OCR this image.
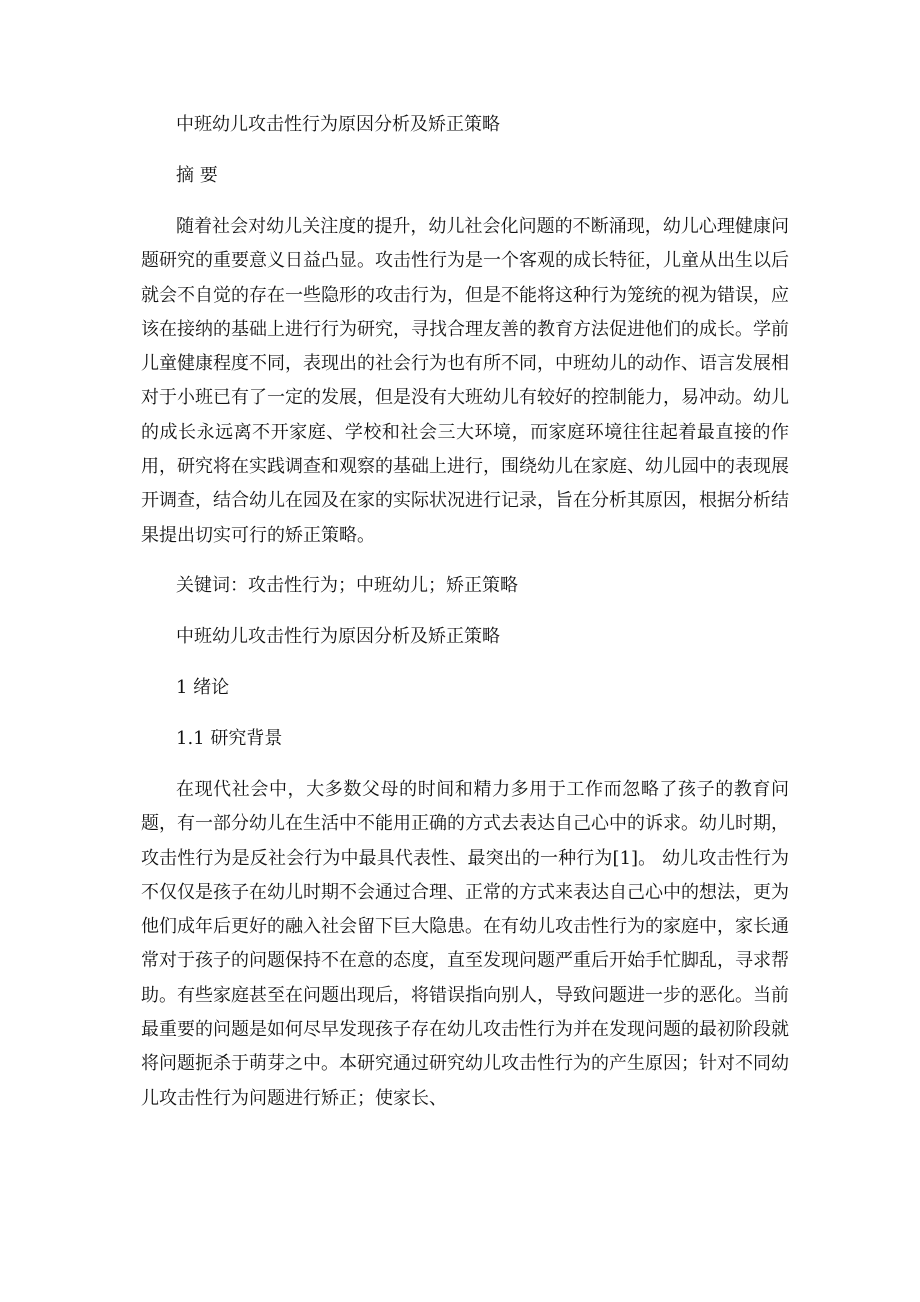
中班幼儿攻击性行为原因分析及矫正策略

摘 要

随着社会对幼儿关注度的提升，幼儿社会化问题的不断涌现，幼儿心理健康问题研究的重要意义日益凸显。攻击性行为是一个客观的成长特征，儿童从出生以后就会不自觉的存在一些隐形的攻击行为，但是不能将这种行为笼统的视为错误，应该在接纳的基础上进行行为研究，寻找合理友善的教育方法促进他们的成长。学前儿童健康程度不同，表现出的社会行为也有所不同，中班幼儿的动作、语言发展相对于小班已有了一定的发展，但是没有大班幼儿有较好的控制能力，易冲动。幼儿的成长永远离不开家庭、学校和社会三大环境，而家庭环境往往起着最直接的作用，研究将在实践调查和观察的基础上进行，围绕幼儿在家庭、幼儿园中的表现展开调查，结合幼儿在园及在家的实际状况进行记录，旨在分析其原因，根据分析结果提出切实可行的矫正策略。

关键词：攻击性行为；中班幼儿；矫正策略

中班幼儿攻击性行为原因分析及矫正策略

1 绪论

1.1 研究背景

在现代社会中，大多数父母的时间和精力多用于工作而忽略了孩子的教育问题，有一部分幼儿在生活中不能用正确的方式去表达自己心中的诉求。幼儿时期，攻击性行为是反社会行为中最具代表性、最突出的一种行为[1]。 幼儿攻击性行为不仅仅是孩子在幼儿时期不会通过合理、正常的方式来表达自己心中的想法，更为他们成年后更好的融入社会留下巨大隐患。在有幼儿攻击性行为的家庭中，家长通常对于孩子的问题保持不在意的态度，直至发现问题严重后开始手忙脚乱，寻求帮助。有些家庭甚至在问题出现后，将错误指向别人，导致问题进一步的恶化。当前最重要的问题是如何尽早发现孩子存在幼儿攻击性行为并在发现问题的最初阶段就将问题扼杀于萌芽之中。本研究通过研究幼儿攻击性行为的产生原因；针对不同幼儿攻击性行为问题进行矫正；使家长、
